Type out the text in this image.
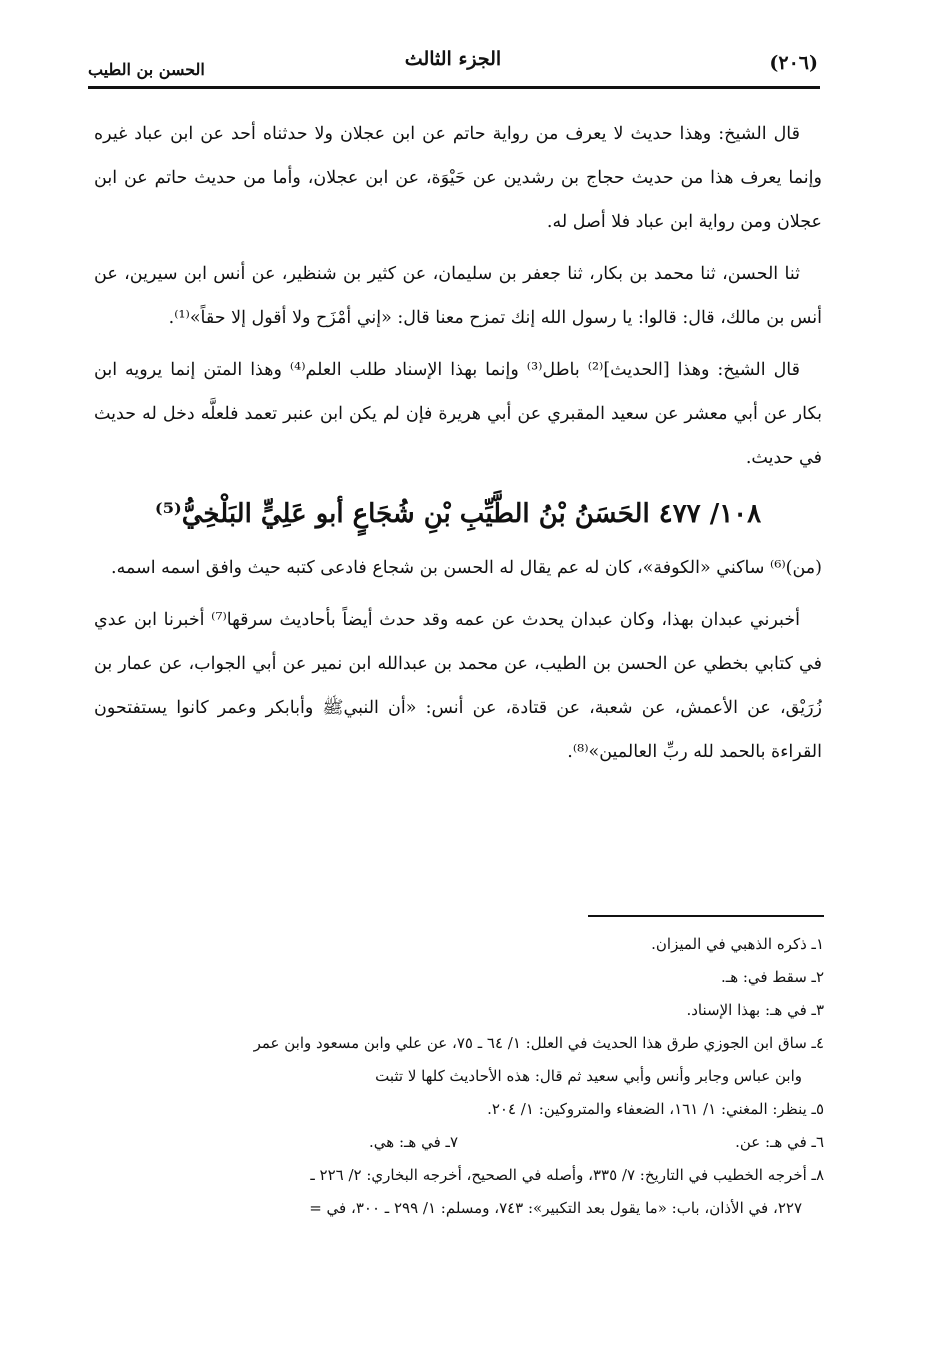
(٢٠٦)
الجزء الثالث
الحسن بن الطيب

قال الشيخ: وهذا حديث لا يعرف من رواية حاتم عن ابن عجلان ولا حدثناه أحد عن ابن عباد غيره وإنما يعرف هذا من حديث حجاج بن رشدين عن حَيْوَة، عن ابن عجلان، وأما من حديث حاتم عن ابن عجلان ومن رواية ابن عباد فلا أصل له.

ثنا الحسن، ثنا محمد بن بكار، ثنا جعفر بن سليمان، عن كثير بن شنظير، عن أنس ابن سيرين، عن أنس بن مالك، قال: قالوا: يا رسول الله إنك تمزح معنا قال: «إني أمْزَح ولا أقول إلا حقاً»⁽¹⁾.

قال الشيخ: وهذا [الحديث]⁽²⁾ باطل⁽³⁾ وإنما بهذا الإسناد طلب العلم⁽⁴⁾ وهذا المتن إنما يرويه ابن بكار عن أبي معشر عن سعيد المقبري عن أبي هريرة فإن لم يكن ابن عنبر تعمد فلعلَّه دخل له حديث في حديث.

١٠٨/ ٤٧٧ الحَسَنُ بْنُ الطَّيِّبِ بْنِ شُجَاعٍ أبو عَلِيٍّ البَلْخِيُّ⁽⁵⁾

(من)⁽⁶⁾ ساكني «الكوفة»، كان له عم يقال له الحسن بن شجاع فادعى كتبه حيث وافق اسمه اسمه.

أخبرني عبدان بهذا، وكان عبدان يحدث عن عمه وقد حدث أيضاً بأحاديث سرقها⁽⁷⁾ أخبرنا ابن عدي في كتابي بخطي عن الحسن بن الطيب، عن محمد بن عبدالله ابن نمير عن أبي الجواب، عن عمار بن زُرَيْق، عن الأعمش، عن شعبة، عن قتادة، عن أنس: «أن النبيﷺ وأبابكر وعمر كانوا يستفتحون القراءة بالحمد لله ربِّ العالمين»⁽⁸⁾.

١ـ ذكره الذهبي في الميزان.
٢ـ سقط في: هـ.
٣ـ في هـ: بهذا الإسناد.
٤ـ ساق ابن الجوزي طرق هذا الحديث في العلل: ١/ ٦٤ ـ ٧٥، عن علي وابن مسعود وابن عمر
وابن عباس وجابر وأنس وأبي سعيد ثم قال: هذه الأحاديث كلها لا تثبت
٥ـ ينظر: المغني: ١/ ١٦١، الضعفاء والمتروكين: ١/ ٢٠٤.
٦ـ في هـ: عن.
٧ـ في هـ: هي.
٨ـ أخرجه الخطيب في التاريخ: ٧/ ٣٣٥، وأصله في الصحيح، أخرجه البخاري: ٢/ ٢٢٦ ـ
٢٢٧، في الأذان، باب: «ما يقول بعد التكبير»: ٧٤٣، ومسلم: ١/ ٢٩٩ ـ ٣٠٠، في =
